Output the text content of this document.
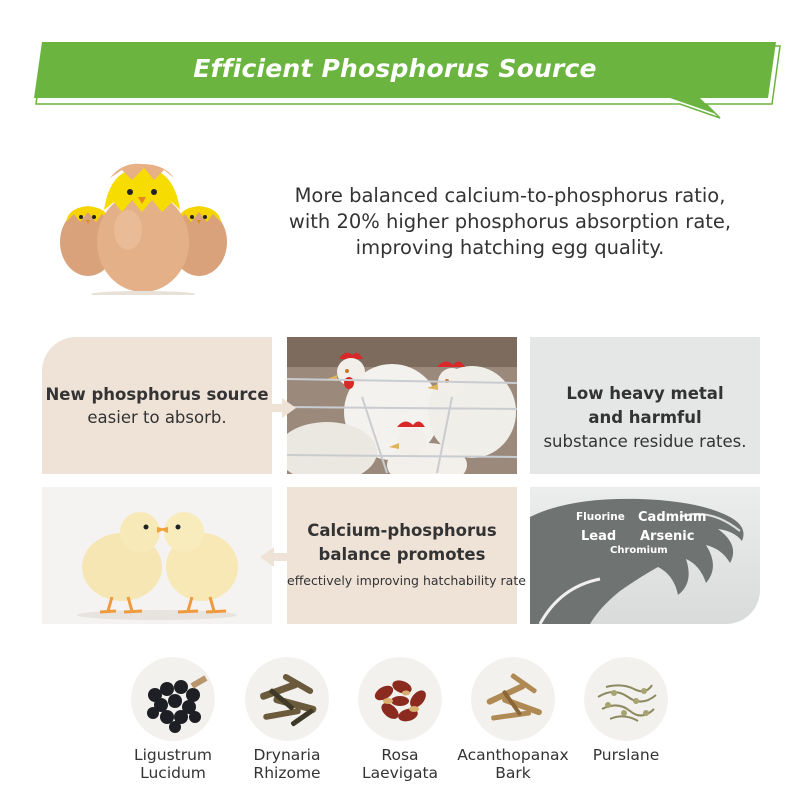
Efficient Phosphorus Source
More balanced calcium-to-phosphorus ratio,
with 20% higher phosphorus absorption rate,
improving hatching egg quality.
New phosphorus source
easier to absorb.
Low heavy metal
and harmful
substance residue rates.
Calcium-phosphorus
balance promotes
effectively improving hatchability rate
Fluorine Cadmium
Lead Arsenic
Chromium
Ligustrum
Lucidum
Drynaria
Rhizome
Rosa
Laevigata
Acanthopanax
Bark
Purslane
